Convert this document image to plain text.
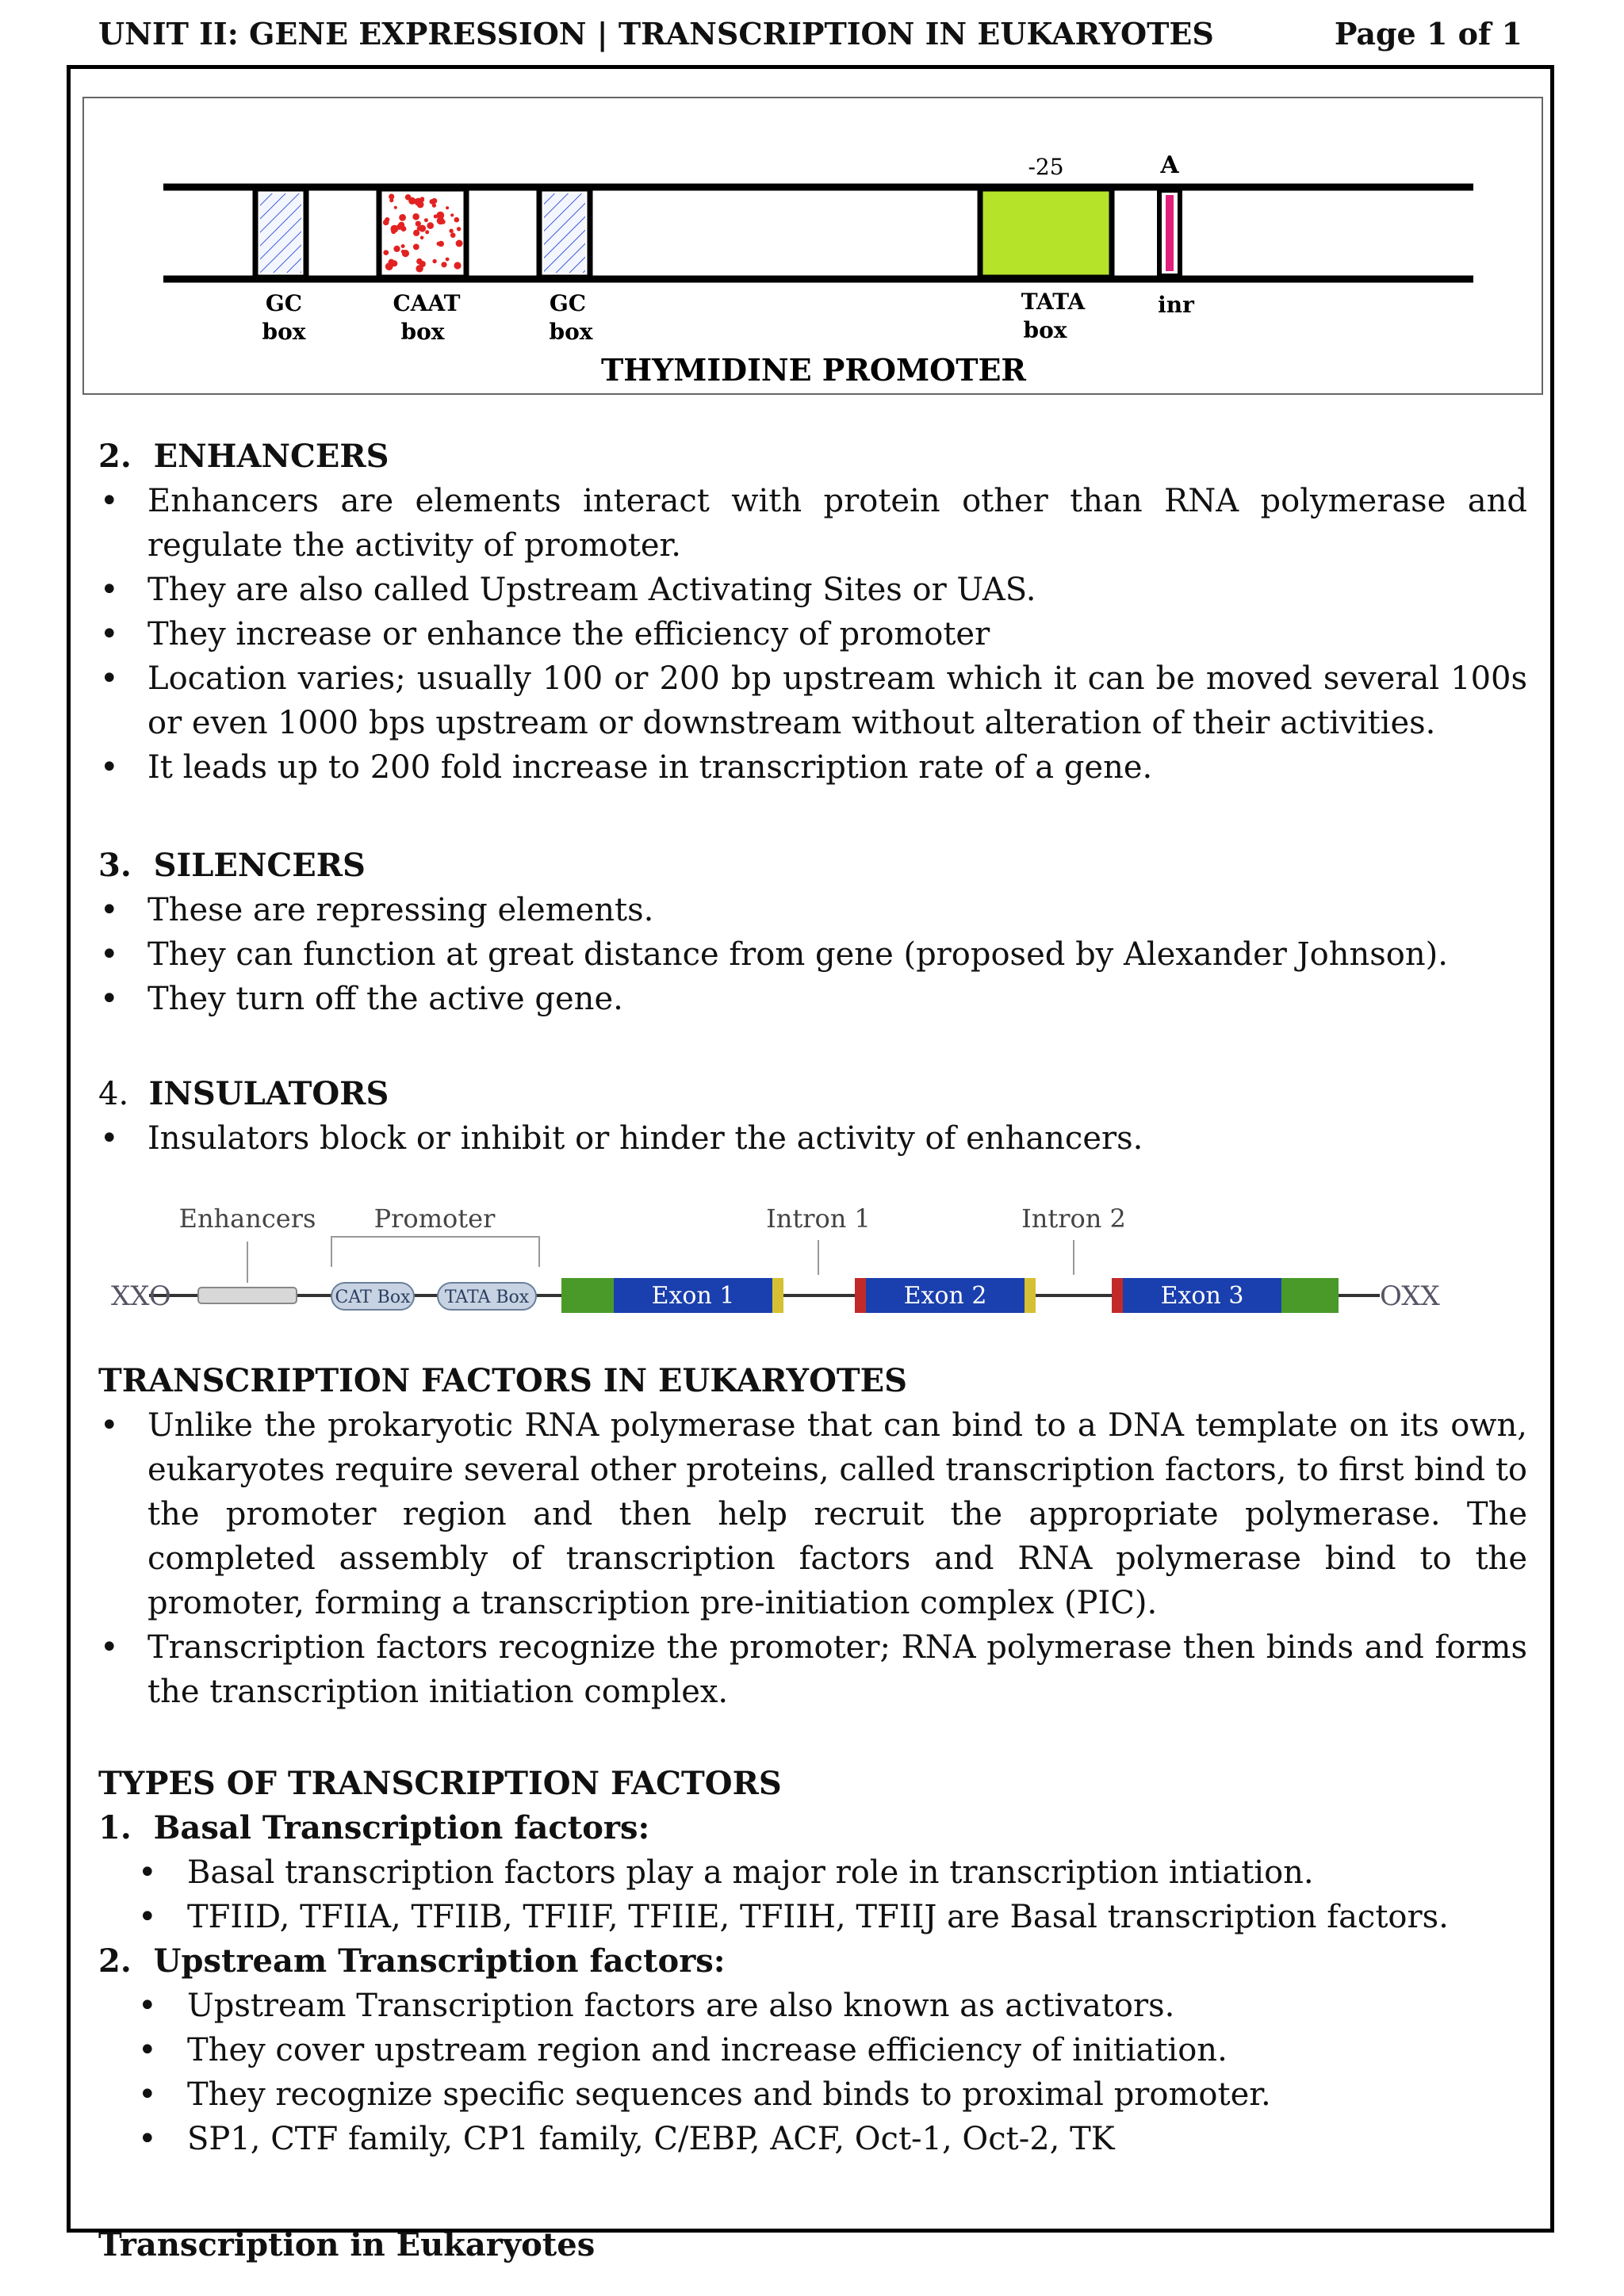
UNIT II: GENE EXPRESSION | TRANSCRIPTION IN EUKARYOTES	Page 1 of 1
-25	A
GC
box
CAAT
box
GC
box
TATA
box
inr
THYMIDINE PROMOTER

2.  ENHANCERS

• Enhancers are elements interact with protein other than RNA polymerase and regulate the activity of promoter.

• They are also called Upstream Activating Sites or UAS.

• They increase or enhance the efficiency of promoter

• Location varies; usually 100 or 200 bp upstream which it can be moved several 100s or even 1000 bps upstream or downstream without alteration of their activities.

• It leads up to 200 fold increase in transcription rate of a gene.

3.  SILENCERS

• These are repressing elements.

• They can function at great distance from gene (proposed by Alexander Johnson).

• They turn off the active gene.

4.  INSULATORS

• Insulators block or inhibit or hinder the activity of enhancers.

Enhancers Promoter	Intron 1	Intron 2
XXO	OXX
CAT Box TATA Box	Exon 1	Exon 2	Exon 3

TRANSCRIPTION FACTORS IN EUKARYOTES

• Unlike the prokaryotic RNA polymerase that can bind to a DNA template on its own, eukaryotes require several other proteins, called transcription factors, to first bind to the promoter region and then help recruit the appropriate polymerase. The completed assembly of transcription factors and RNA polymerase bind to the promoter, forming a transcription pre-initiation complex (PIC).

• Transcription factors recognize the promoter; RNA polymerase then binds and forms the transcription initiation complex.

TYPES OF TRANSCRIPTION FACTORS

1.  Basal Transcription factors:

• Basal transcription factors play a major role in transcription intiation.

• TFIID, TFIIA, TFIIB, TFIIF, TFIIE, TFIIH, TFIIJ are Basal transcription factors.

2.  Upstream Transcription factors:

• Upstream Transcription factors are also known as activators.

• They cover upstream region and increase efficiency of initiation.

• They recognize specific sequences and binds to proximal promoter.

• SP1, CTF family, CP1 family, C/EBP, ACF, Oct-1, Oct-2, TK

Transcription in Eukaryotes
